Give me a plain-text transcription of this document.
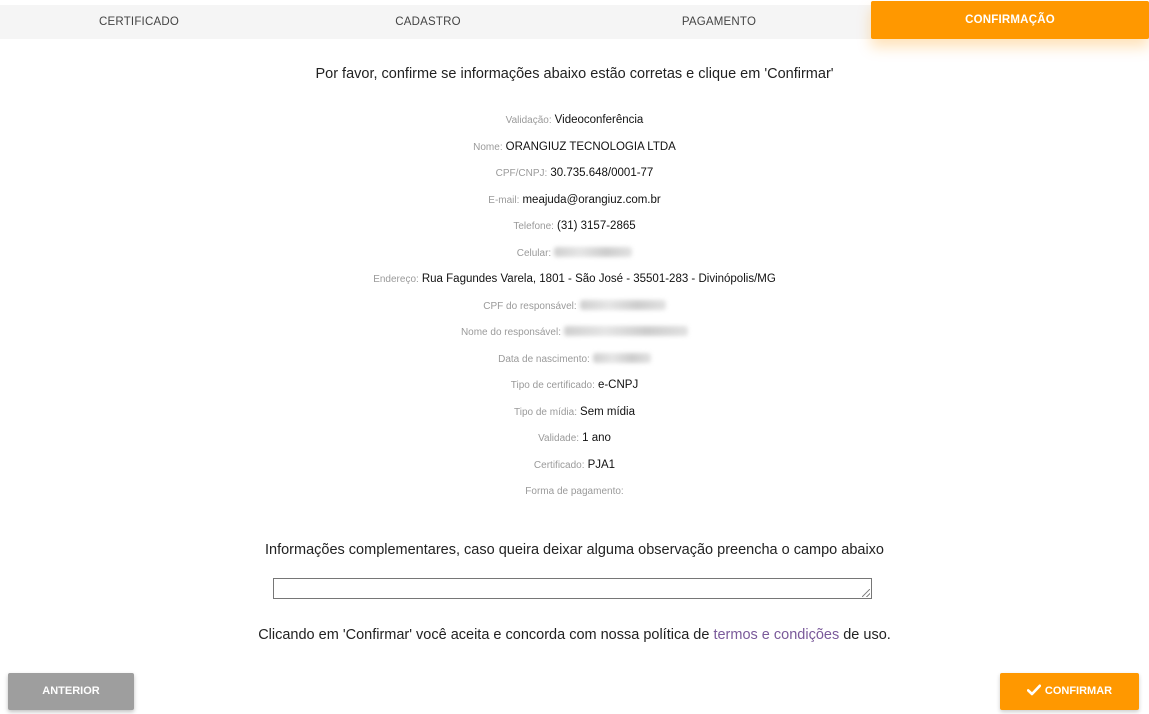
CERTIFICADO	CADASTRO	PAGAMENTO	CONFIRMAÇÃO
Por favor, confirme se informações abaixo estão corretas e clique em 'Confirmar'
Validação: Videoconferência
Nome: ORANGIUZ TECNOLOGIA LTDA
CPF/CNPJ: 30.735.648/0001-77
E-mail: meajuda@orangiuz.com.br
Telefone: (31) 3157-2865
Celular:
Endereço: Rua Fagundes Varela, 1801 - São José - 35501-283 - Divinópolis/MG
CPF do responsável:
Nome do responsável:
Data de nascimento:
Tipo de certificado: e-CNPJ
Tipo de mídia: Sem mídia
Validade: 1 ano
Certificado: PJA1
Forma de pagamento:
Informações complementares, caso queira deixar alguma observação preencha o campo abaixo
Clicando em 'Confirmar' você aceita e concorda com nossa política de termos e condições de uso.
ANTERIOR	CONFIRMAR
